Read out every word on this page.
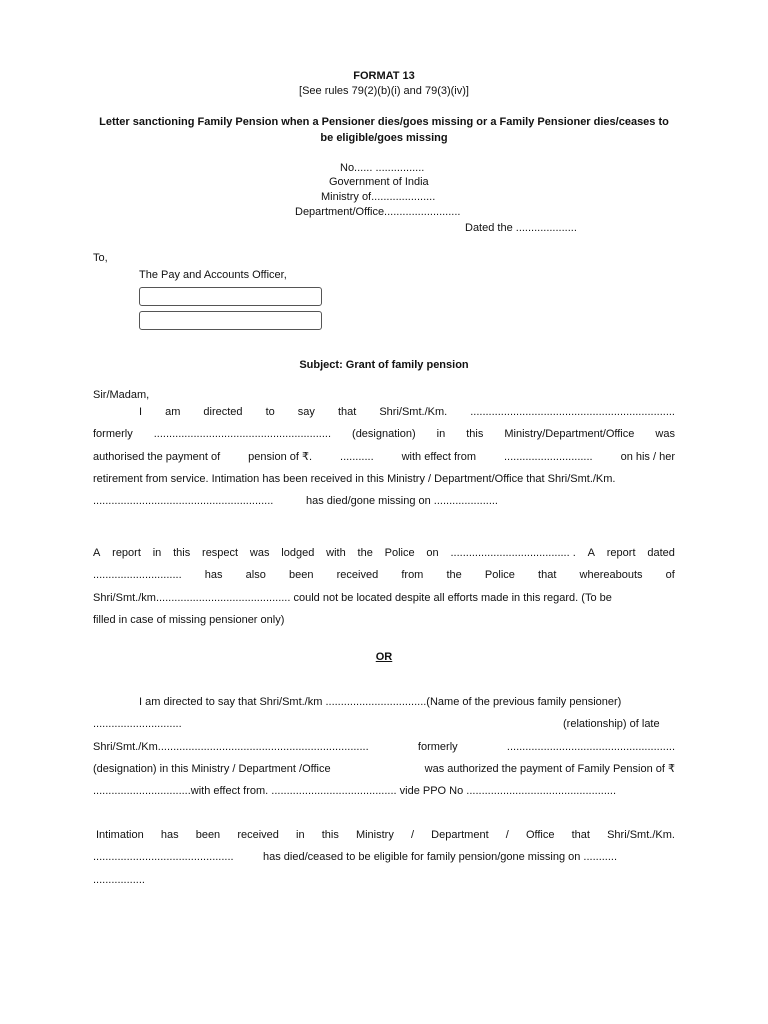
FORMAT 13
[See rules 79(2)(b)(i) and 79(3)(iv)]
Letter sanctioning Family Pension when a Pensioner dies/goes missing or a Family Pensioner dies/ceases to
be eligible/goes missing
No...... ................
Government of India
Ministry of.....................
Department/Office.........................
Dated the ....................
To,
The Pay and Accounts Officer,
Subject: Grant of family pension
Sir/Madam,
I am directed to say that Shri/Smt./Km. ...................................................................
formerly .......................................................... (designation) in this Ministry/Department/Office was
authorised the payment of	pension of ₹.	...........	with effect from	.............................	on his / her
retirement from service. Intimation has been received in this Ministry / Department/Office that Shri/Smt./Km.
...........................................................	has died/gone missing on .....................
A report in this respect was lodged with the Police on ....................................... . A report dated
............................. has also been received from the Police that whereabouts of
Shri/Smt./km............................................ could not be located despite all efforts made in this regard. (To be
filled in case of missing pensioner only)
OR
I am directed to say that Shri/Smt./km .................................(Name of the previous family pensioner)
.............................	(relationship) of late
Shri/Smt./Km.....................................................................	formerly	.......................................................
(designation) in this Ministry / Department /Office	was authorized the payment of Family Pension of ₹
................................with effect from. ......................................... vide PPO No .................................................
Intimation has been received in this Ministry / Department / Office that Shri/Smt./Km.
..............................................	has died/ceased to be eligible for family pension/gone missing on ...........
.................
